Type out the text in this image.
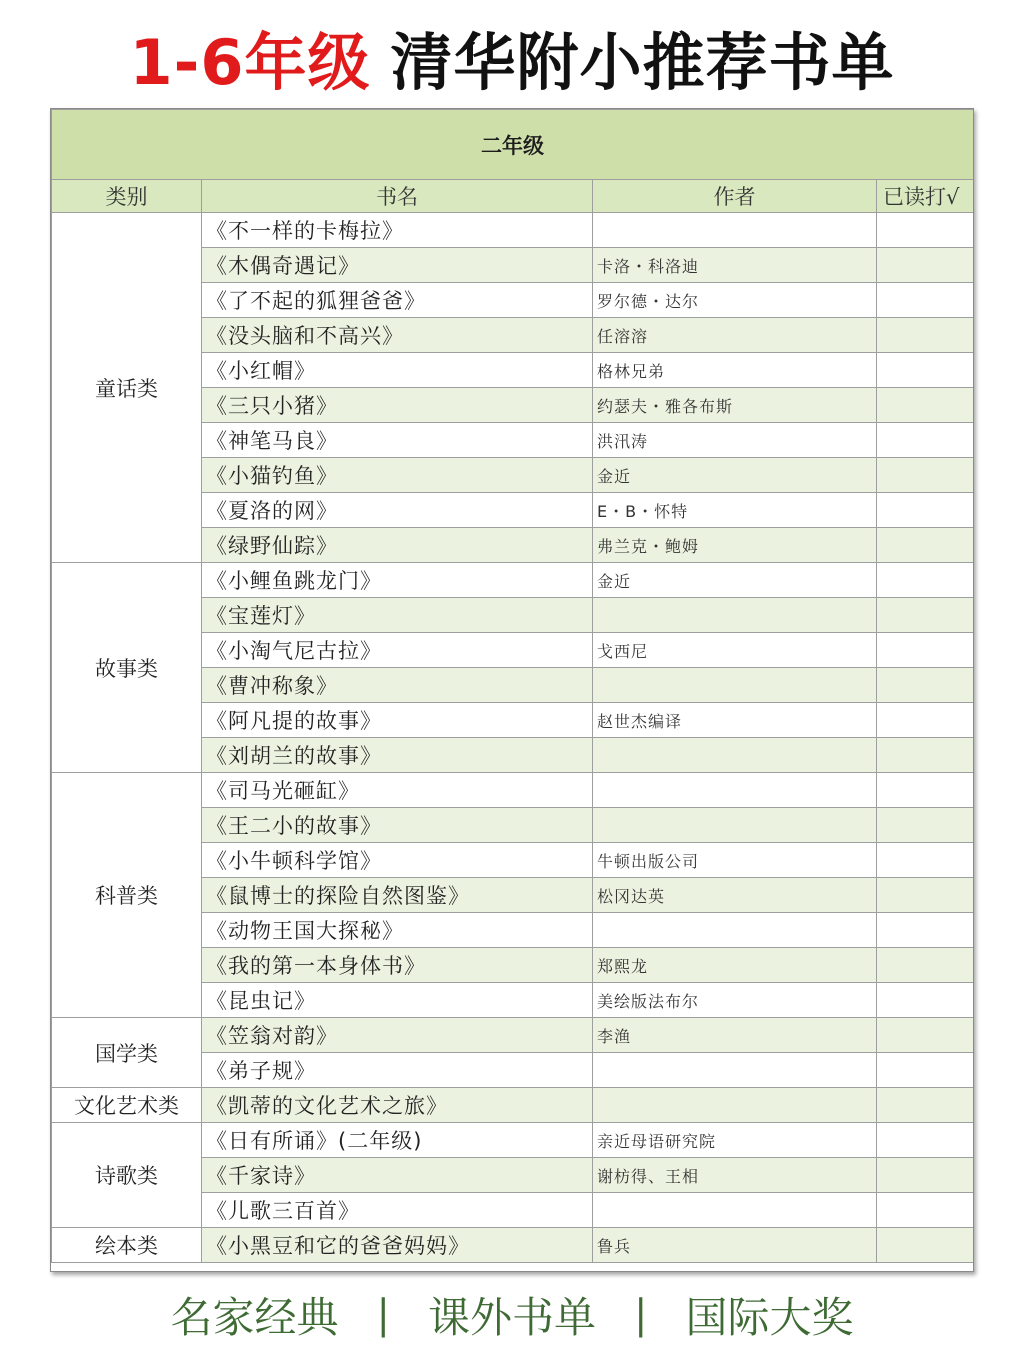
1-6年级 清华附小推荐书单
二年级			
类别	书名	作者	已读打√
童话类	《不一样的卡梅拉》		
	《木偶奇遇记》	卡洛・科洛迪	
	《了不起的狐狸爸爸》	罗尔德・达尔	
	《没头脑和不高兴》	任溶溶	
	《小红帽》	格林兄弟	
	《三只小猪》	约瑟夫・雅各布斯	
	《神笔马良》	洪汛涛	
	《小猫钓鱼》	金近	
	《夏洛的网》	E・B・怀特	
	《绿野仙踪》	弗兰克・鲍姆	
故事类	《小鲤鱼跳龙门》	金近	
	《宝莲灯》		
	《小淘气尼古拉》	戈西尼	
	《曹冲称象》		
	《阿凡提的故事》	赵世杰编译	
	《刘胡兰的故事》		
科普类	《司马光砸缸》		
	《王二小的故事》		
	《小牛顿科学馆》	牛顿出版公司	
	《鼠博士的探险自然图鉴》	松冈达英	
	《动物王国大探秘》		
	《我的第一本身体书》	郑熙龙	
	《昆虫记》	美绘版法布尔	
国学类	《笠翁对韵》	李渔	
	《弟子规》		
文化艺术类	《凯蒂的文化艺术之旅》		
诗歌类	《日有所诵》(二年级)	亲近母语研究院	
	《千家诗》	谢枋得、王相	
	《儿歌三百首》		
绘本类	《小黑豆和它的爸爸妈妈》	鲁兵	
名家经典 | 课外书单 | 国际大奖
